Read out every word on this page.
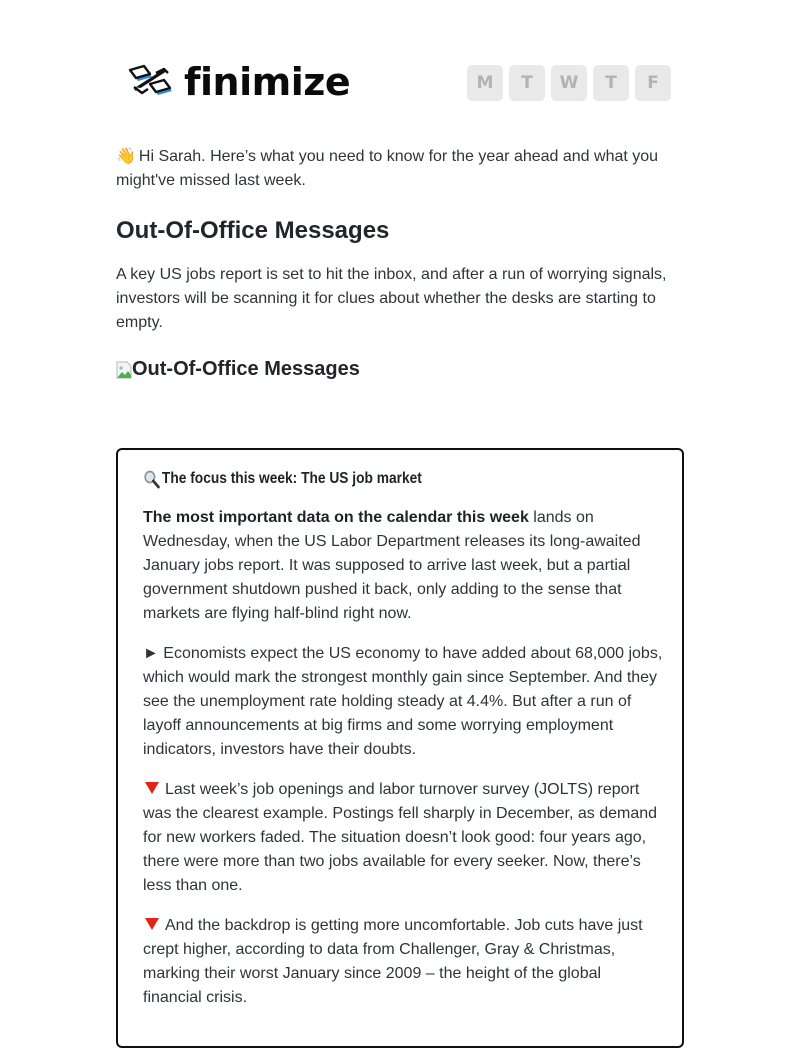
finimize	M	T	W	T	F
👋 Hi Sarah. Here’s what you need to know for the year ahead and what you might've missed last week.
Out-Of-Office Messages

A key US jobs report is set to hit the inbox, and after a run of worrying signals, investors will be scanning it for clues about whether the desks are starting to empty.

Out-Of-Office Messages
The focus this week: The US job market

The most important data on the calendar this week lands on Wednesday, when the US Labor Department releases its long-awaited January jobs report. It was supposed to arrive last week, but a partial government shutdown pushed it back, only adding to the sense that markets are flying half-blind right now.

► Economists expect the US economy to have added about 68,000 jobs, which would mark the strongest monthly gain since September. And they see the unemployment rate holding steady at 4.4%. But after a run of layoff announcements at big firms and some worrying employment indicators, investors have their doubts.

Last week’s job openings and labor turnover survey (JOLTS) report was the clearest example. Postings fell sharply in December, as demand for new workers faded. The situation doesn’t look good: four years ago, there were more than two jobs available for every seeker. Now, there’s less than one.

And the backdrop is getting more uncomfortable. Job cuts have just crept higher, according to data from Challenger, Gray & Christmas, marking their worst January since 2009 – the height of the global financial crisis.
